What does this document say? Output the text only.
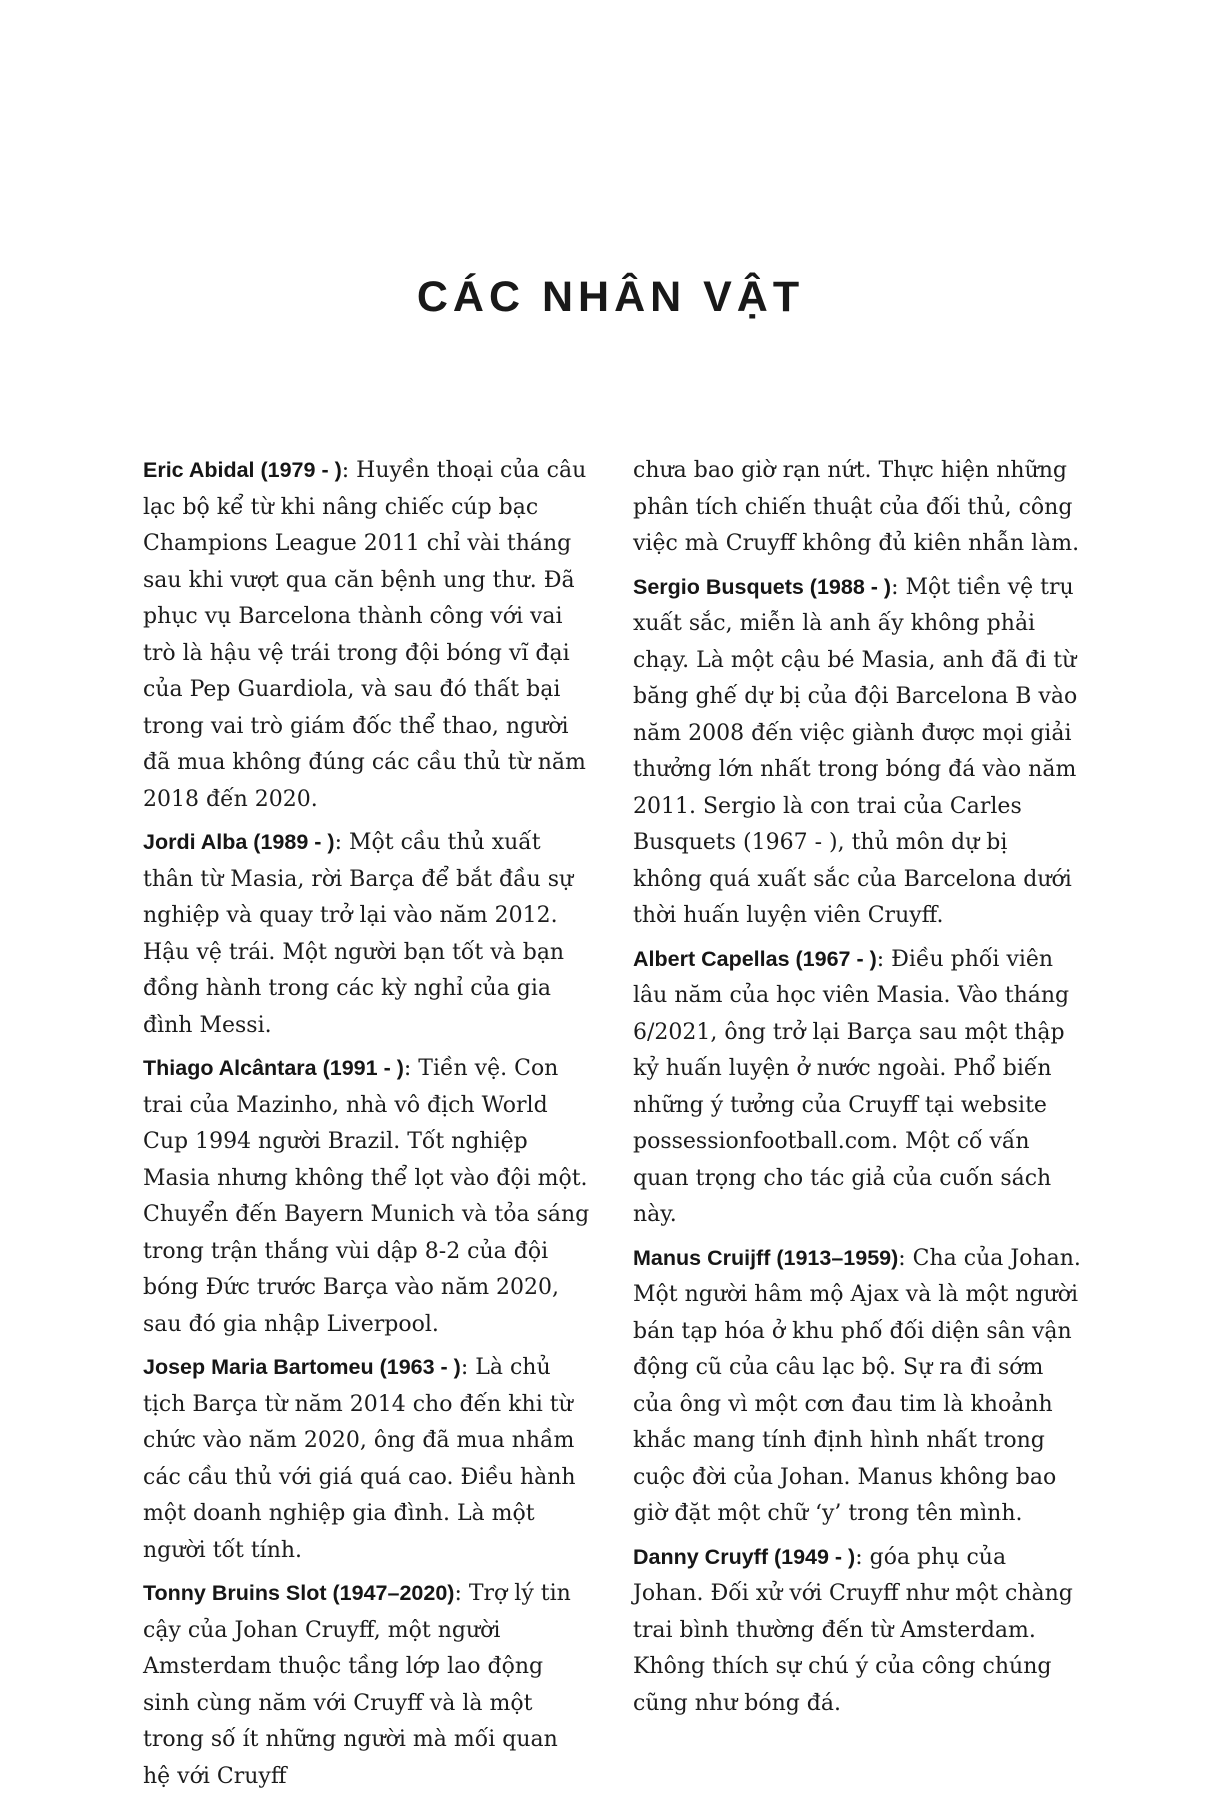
CÁC NHÂN VẬT

Eric Abidal (1979 - ): Huyền thoại của câu lạc bộ kể từ khi nâng chiếc cúp bạc Champions League 2011 chỉ vài tháng sau khi vượt qua căn bệnh ung thư. Đã phục vụ Barcelona thành công với vai trò là hậu vệ trái trong đội bóng vĩ đại của Pep Guardiola, và sau đó thất bại trong vai trò giám đốc thể thao, người đã mua không đúng các cầu thủ từ năm 2018 đến 2020.

Jordi Alba (1989 - ): Một cầu thủ xuất thân từ Masia, rời Barça để bắt đầu sự nghiệp và quay trở lại vào năm 2012. Hậu vệ trái. Một người bạn tốt và bạn đồng hành trong các kỳ nghỉ của gia đình Messi.

Thiago Alcântara (1991 - ): Tiền vệ. Con trai của Mazinho, nhà vô địch World Cup 1994 người Brazil. Tốt nghiệp Masia nhưng không thể lọt vào đội một. Chuyển đến Bayern Munich và tỏa sáng trong trận thắng vùi dập 8-2 của đội bóng Đức trước Barça vào năm 2020, sau đó gia nhập Liverpool.

Josep Maria Bartomeu (1963 - ): Là chủ tịch Barça từ năm 2014 cho đến khi từ chức vào năm 2020, ông đã mua nhầm các cầu thủ với giá quá cao. Điều hành một doanh nghiệp gia đình. Là một người tốt tính.

Tonny Bruins Slot (1947–2020): Trợ lý tin cậy của Johan Cruyff, một người Amsterdam thuộc tầng lớp lao động sinh cùng năm với Cruyff và là một trong số ít những người mà mối quan hệ với Cruyff

chưa bao giờ rạn nứt. Thực hiện những phân tích chiến thuật của đối thủ, công việc mà Cruyff không đủ kiên nhẫn làm.

Sergio Busquets (1988 - ): Một tiền vệ trụ xuất sắc, miễn là anh ấy không phải chạy. Là một cậu bé Masia, anh đã đi từ băng ghế dự bị của đội Barcelona B vào năm 2008 đến việc giành được mọi giải thưởng lớn nhất trong bóng đá vào năm 2011. Sergio là con trai của Carles Busquets (1967 - ), thủ môn dự bị không quá xuất sắc của Barcelona dưới thời huấn luyện viên Cruyff.

Albert Capellas (1967 - ): Điều phối viên lâu năm của học viên Masia. Vào tháng 6/2021, ông trở lại Barça sau một thập kỷ huấn luyện ở nước ngoài. Phổ biến những ý tưởng của Cruyff tại website possessionfootball.com. Một cố vấn quan trọng cho tác giả của cuốn sách này.

Manus Cruijff (1913–1959): Cha của Johan. Một người hâm mộ Ajax và là một người bán tạp hóa ở khu phố đối diện sân vận động cũ của câu lạc bộ. Sự ra đi sớm của ông vì một cơn đau tim là khoảnh khắc mang tính định hình nhất trong cuộc đời của Johan. Manus không bao giờ đặt một chữ ‘y’ trong tên mình.

Danny Cruyff (1949 - ): góa phụ của Johan. Đối xử với Cruyff như một chàng trai bình thường đến từ Amsterdam. Không thích sự chú ý của công chúng cũng như bóng đá.
